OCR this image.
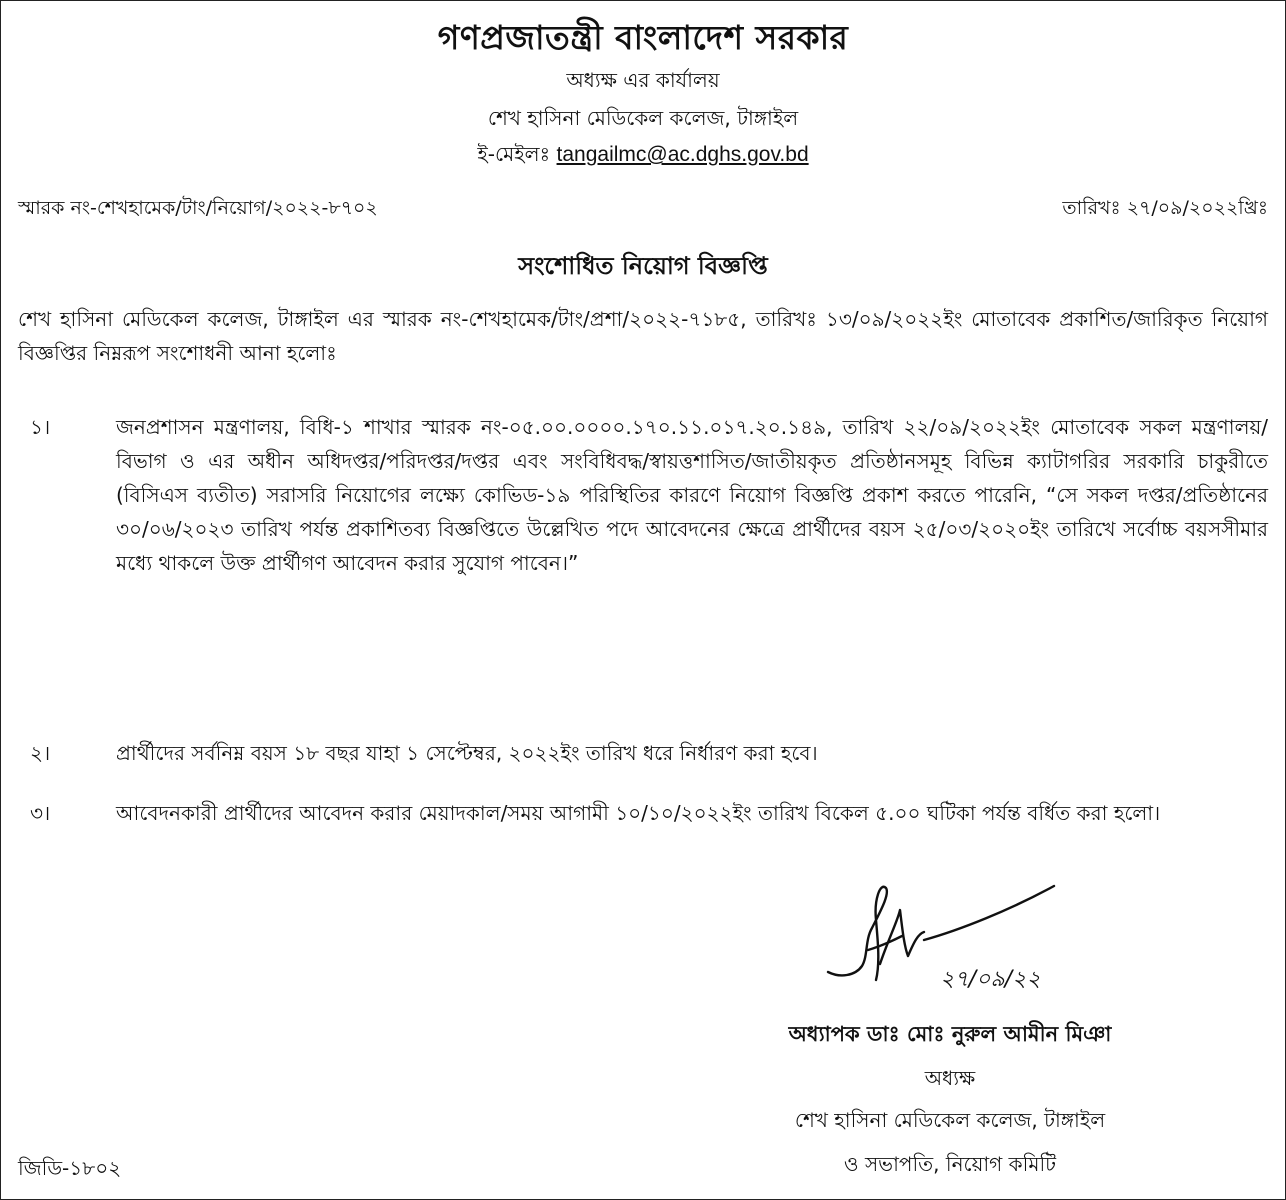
গণপ্রজাতন্ত্রী বাংলাদেশ সরকার
অধ্যক্ষ এর কার্যালয়
শেখ হাসিনা মেডিকেল কলেজ, টাঙ্গাইল
ই-মেইলঃ tangailmc@ac.dghs.gov.bd
স্মারক নং-শেখহামেক/টাং/নিয়োগ/২০২২-৮৭০২	তারিখঃ ২৭/০৯/২০২২খ্রিঃ
সংশোধিত নিয়োগ বিজ্ঞপ্তি
শেখ হাসিনা মেডিকেল কলেজ, টাঙ্গাইল এর স্মারক নং-শেখহামেক/টাং/প্রশা/২০২২-৭১৮৫, তারিখঃ ১৩/০৯/২০২২ইং মোতাবেক প্রকাশিত/জারিকৃত নিয়োগ বিজ্ঞপ্তির নিম্নরূপ সংশোধনী আনা হলোঃ
১।	জনপ্রশাসন মন্ত্রণালয়, বিধি-১ শাখার স্মারক নং-০৫.০০.০০০০.১৭০.১১.০১৭.২০.১৪৯, তারিখ ২২/০৯/২০২২ইং মোতাবেক সকল মন্ত্রণালয়/বিভাগ ও এর অধীন অধিদপ্তর/পরিদপ্তর/দপ্তর এবং সংবিধিবদ্ধ/স্বায়ত্তশাসিত/জাতীয়কৃত প্রতিষ্ঠানসমূহ বিভিন্ন ক্যাটাগরির সরকারি চাকুরীতে (বিসিএস ব্যতীত) সরাসরি নিয়োগের লক্ষ্যে কোভিড-১৯ পরিস্থিতির কারণে নিয়োগ বিজ্ঞপ্তি প্রকাশ করতে পারেনি, “সে সকল দপ্তর/প্রতিষ্ঠানের ৩০/০৬/২০২৩ তারিখ পর্যন্ত প্রকাশিতব্য বিজ্ঞপ্তিতে উল্লেখিত পদে আবেদনের ক্ষেত্রে প্রার্থীদের বয়স ২৫/০৩/২০২০ইং তারিখে সর্বোচ্চ বয়সসীমার মধ্যে থাকলে উক্ত প্রার্থীগণ আবেদন করার সুযোগ পাবেন।”
২।	প্রার্থীদের সর্বনিম্ন বয়স ১৮ বছর যাহা ১ সেপ্টেম্বর, ২০২২ইং তারিখ ধরে নির্ধারণ করা হবে।
৩।	আবেদনকারী প্রার্থীদের আবেদন করার মেয়াদকাল/সময় আগামী ১০/১০/২০২২ইং তারিখ বিকেল ৫.০০ ঘটিকা পর্যন্ত বর্ধিত করা হলো।
২৭/০৯/২২
অধ্যাপক ডাঃ মোঃ নুরুল আমীন মিঞা
অধ্যক্ষ
শেখ হাসিনা মেডিকেল কলেজ, টাঙ্গাইল
ও সভাপতি, নিয়োগ কমিটি
জিডি-১৮০২
